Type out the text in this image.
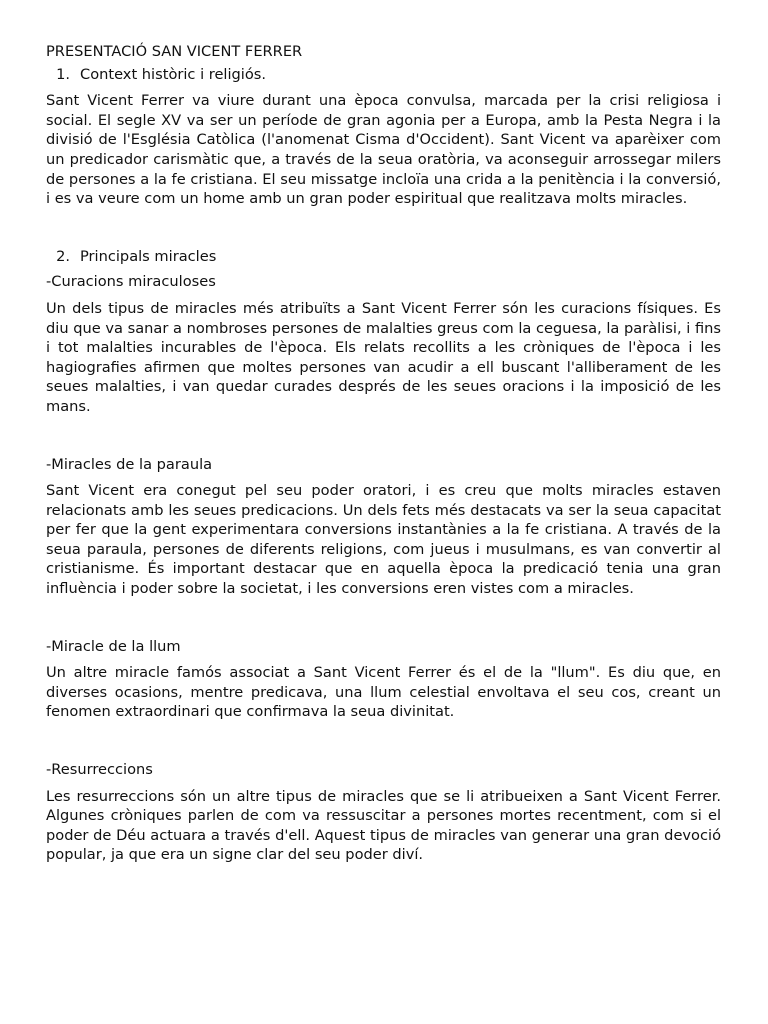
PRESENTACIÓ SAN VICENT FERRER

1. Context històric i religiós.

Sant Vicent Ferrer va viure durant una època convulsa, marcada per la crisi religiosa i social. El segle XV va ser un període de gran agonia per a Europa, amb la Pesta Negra i la divisió de l'Església Catòlica (l'anomenat Cisma d'Occident). Sant Vicent va aparèixer com un predicador carismàtic que, a través de la seua oratòria, va aconseguir arrossegar milers de persones a la fe cristiana. El seu missatge incloïa una crida a la penitència i la conversió, i es va veure com un home amb un gran poder espiritual que realitzava molts miracles.

2. Principals miracles

-Curacions miraculoses

Un dels tipus de miracles més atribuïts a Sant Vicent Ferrer són les curacions físiques. Es diu que va sanar a nombroses persones de malalties greus com la ceguesa, la paràlisi, i fins i tot malalties incurables de l'època. Els relats recollits a les cròniques de l'època i les hagiografies afirmen que moltes persones van acudir a ell buscant l'alliberament de les seues malalties, i van quedar curades després de les seues oracions i la imposició de les mans.

-Miracles de la paraula

Sant Vicent era conegut pel seu poder oratori, i es creu que molts miracles estaven relacionats amb les seues predicacions. Un dels fets més destacats va ser la seua capacitat per fer que la gent experimentara conversions instantànies a la fe cristiana. A través de la seua paraula, persones de diferents religions, com jueus i musulmans, es van convertir al cristianisme. És important destacar que en aquella època la predicació tenia una gran influència i poder sobre la societat, i les conversions eren vistes com a miracles.

-Miracle de la llum

Un altre miracle famós associat a Sant Vicent Ferrer és el de la "llum". Es diu que, en diverses ocasions, mentre predicava, una llum celestial envoltava el seu cos, creant un fenomen extraordinari que confirmava la seua divinitat.

-Resurreccions

Les resurreccions són un altre tipus de miracles que se li atribueixen a Sant Vicent Ferrer. Algunes cròniques parlen de com va ressuscitar a persones mortes recentment, com si el poder de Déu actuara a través d'ell. Aquest tipus de miracles van generar una gran devoció popular, ja que era un signe clar del seu poder diví.
